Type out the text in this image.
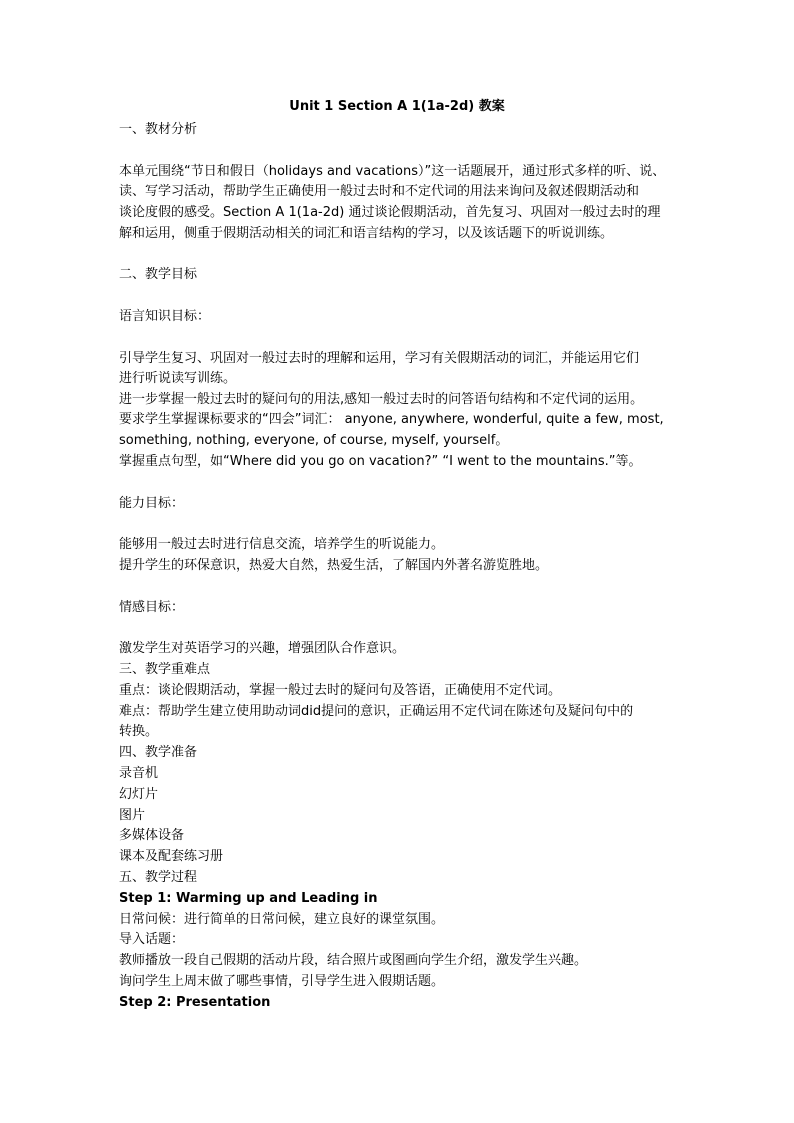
Unit 1 Section A 1(1a-2d) 教案
一、教材分析
本单元围绕“节日和假日（holidays and vacations）”这一话题展开，通过形式多样的听、说、
读、写学习活动，帮助学生正确使用一般过去时和不定代词的用法来询问及叙述假期活动和
谈论度假的感受。Section A 1(1a-2d) 通过谈论假期活动，首先复习、巩固对一般过去时的理
解和运用，侧重于假期活动相关的词汇和语言结构的学习，以及该话题下的听说训练。
二、教学目标
语言知识目标：
引导学生复习、巩固对一般过去时的理解和运用，学习有关假期活动的词汇，并能运用它们
进行听说读写训练。
进一步掌握一般过去时的疑问句的用法,感知一般过去时的问答语句结构和不定代词的运用。
要求学生掌握课标要求的“四会”词汇： anyone, anywhere, wonderful, quite a few, most,
something, nothing, everyone, of course, myself, yourself。
掌握重点句型，如“Where did you go on vacation?” “I went to the mountains.”等。
能力目标：
能够用一般过去时进行信息交流，培养学生的听说能力。
提升学生的环保意识，热爱大自然，热爱生活，了解国内外著名游览胜地。
情感目标：
激发学生对英语学习的兴趣，增强团队合作意识。
三、教学重难点
重点：谈论假期活动，掌握一般过去时的疑问句及答语，正确使用不定代词。
难点：帮助学生建立使用助动词did提问的意识，正确运用不定代词在陈述句及疑问句中的
转换。
四、教学准备
录音机
幻灯片
图片
多媒体设备
课本及配套练习册
五、教学过程
Step 1: Warming up and Leading in
日常问候：进行简单的日常问候，建立良好的课堂氛围。
导入话题：
教师播放一段自己假期的活动片段，结合照片或图画向学生介绍，激发学生兴趣。
询问学生上周末做了哪些事情，引导学生进入假期话题。
Step 2: Presentation
